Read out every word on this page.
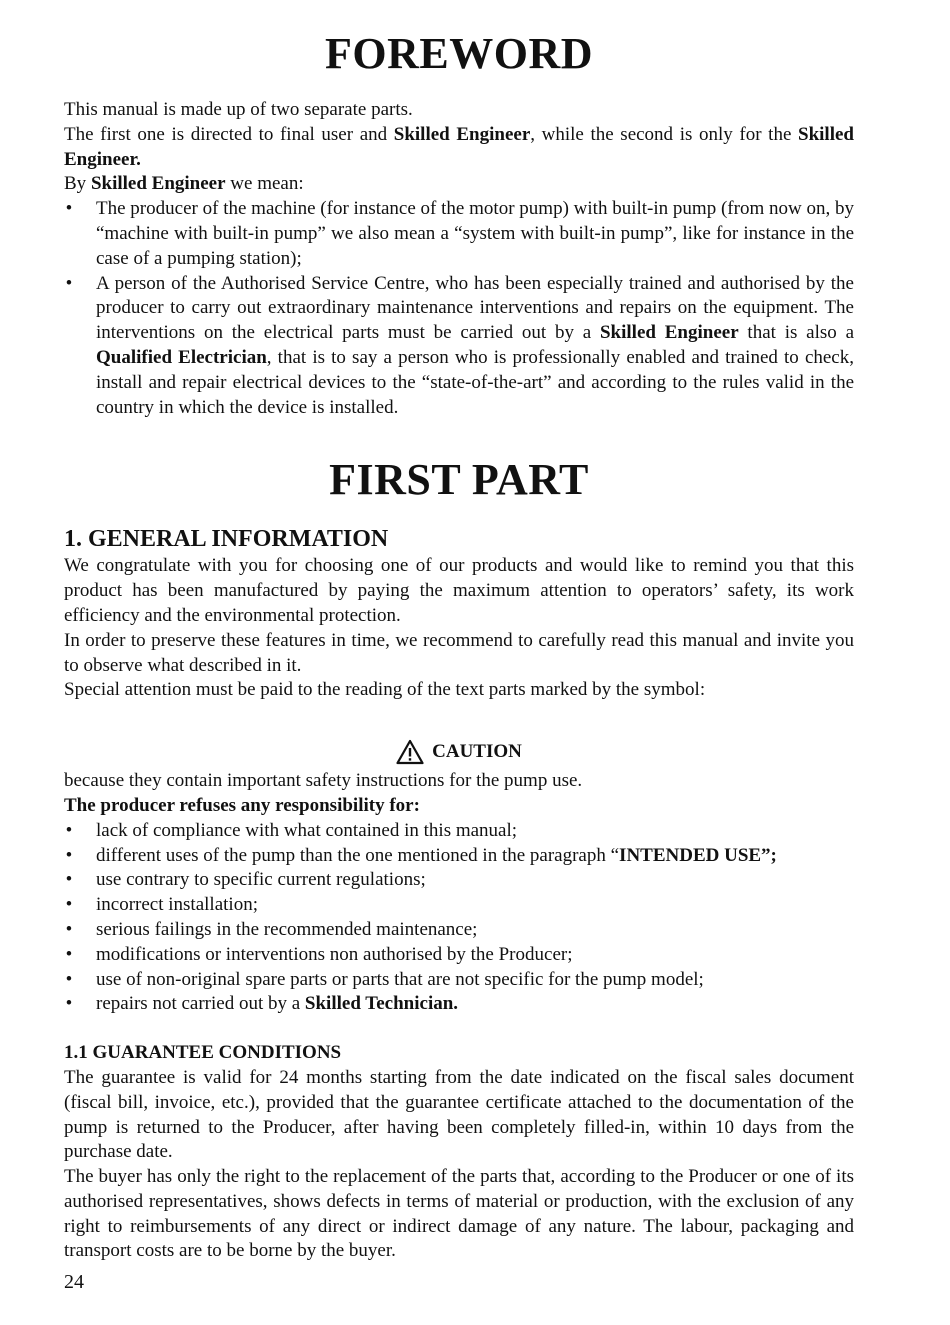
FOREWORD

This manual is made up of two separate parts.

The first one is directed to final user and Skilled Engineer, while the second is only for the Skilled Engineer.

By Skilled Engineer we mean:

• The producer of the machine (for instance of the motor pump) with built-in pump (from now on, by “machine with built-in pump” we also mean a “system with built-in pump”, like for instance in the case of a pumping station);
• A person of the Authorised Service Centre, who has been especially trained and authorised by the producer to carry out extraordinary maintenance interventions and repairs on the equipment. The interventions on the electrical parts must be carried out by a Skilled Engineer that is also a Qualified Electrician, that is to say a person who is professionally enabled and trained to check, install and repair electrical devices to the “state-of-the-art” and according to the rules valid in the country in which the device is installed.
FIRST PART
1. GENERAL INFORMATION

We congratulate with you for choosing one of our products and would like to remind you that this product has been manufactured by paying the maximum attention to operators’ safety, its work efficiency and the environmental protection.

In order to preserve these features in time, we recommend to carefully read this manual and invite you to observe what described in it.

Special attention must be paid to the reading of the text parts marked by the symbol:

CAUTION

because they contain important safety instructions for the pump use.

The producer refuses any responsibility for:

• lack of compliance with what contained in this manual;
• different uses of the pump than the one mentioned in the paragraph “INTENDED USE”;
• use contrary to specific current regulations;
• incorrect installation;
• serious failings in the recommended maintenance;
• modifications or interventions non authorised by the Producer;
• use of non-original spare parts or parts that are not specific for the pump model;
• repairs not carried out by a Skilled Technician.
1.1 GUARANTEE CONDITIONS

The guarantee is valid for 24 months starting from the date indicated on the fiscal sales document (fiscal bill, invoice, etc.), provided that the guarantee certificate attached to the documentation of the pump is returned to the Producer, after having been completely filled-in, within 10 days from the purchase date.

The buyer has only the right to the replacement of the parts that, according to the Producer or one of its authorised representatives, shows defects in terms of material or production, with the exclusion of any right to reimbursements of any direct or indirect damage of any nature. The labour, packaging and transport costs are to be borne by the buyer.

24
